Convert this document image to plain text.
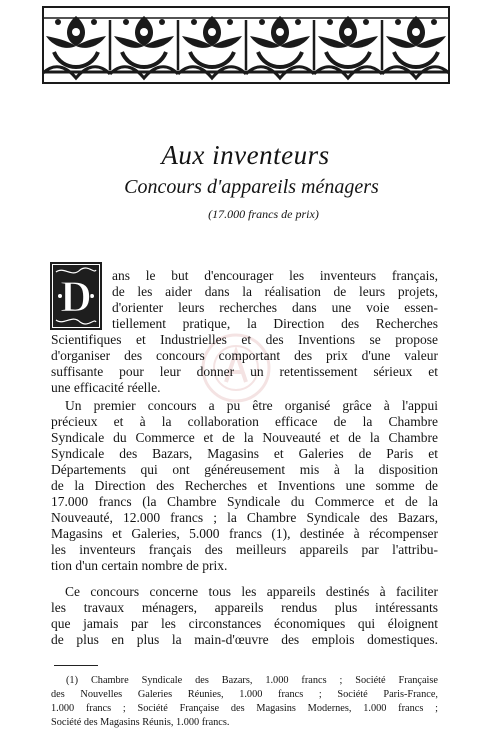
Aux inventeurs
Concours d'appareils ménagers
(17.000 francs de prix)
D ans le but d'encourager les inventeurs français,
de les aider dans la réalisation de leurs projets,
d'orienter leurs recherches dans une voie essen-
tiellement pratique, la Direction des Recherches
Scientifiques et Industrielles et des Inventions se propose
d'organiser des concours comportant des prix d'une valeur
suffisante pour leur donner un retentissement sérieux et
une efficacité réelle.
Un premier concours a pu être organisé grâce à l'appui
précieux et à la collaboration efficace de la Chambre
Syndicale du Commerce et de la Nouveauté et de la Chambre
Syndicale des Bazars, Magasins et Galeries de Paris et
Départements qui ont généreusement mis à la disposition
de la Direction des Recherches et Inventions une somme de
17.000 francs (la Chambre Syndicale du Commerce et de la
Nouveauté, 12.000 francs ; la Chambre Syndicale des Bazars,
Magasins et Galeries, 5.000 francs (1), destinée à récompenser
les inventeurs français des meilleurs appareils par l'attribu-
tion d'un certain nombre de prix.
Ce concours concerne tous les appareils destinés à faciliter
les travaux ménagers, appareils rendus plus intéressants
que jamais par les circonstances économiques qui éloignent
de plus en plus la main-d'œuvre des emplois domestiques.
(1) Chambre Syndicale des Bazars, 1.000 francs ; Société Française
des Nouvelles Galeries Réunies, 1.000 francs ; Société Paris-France,
1.000 francs ; Société Française des Magasins Modernes, 1.000 francs ;
Société des Magasins Réunis, 1.000 francs.
